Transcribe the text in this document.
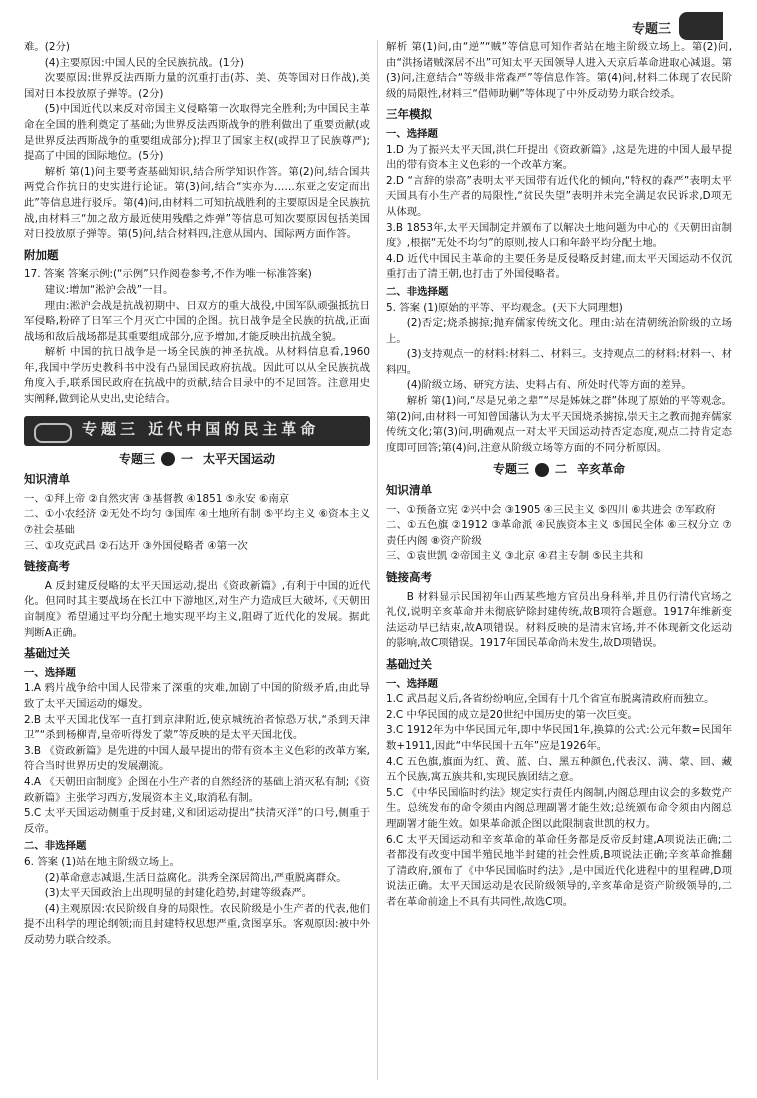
专题三

难。(2分)

(4)主要原因:中国人民的全民族抗战。(1分)

次要原因:世界反法西斯力量的沉重打击(苏、美、英等国对日作战),美国对日本投放原子弹等。(2分)

(5)中国近代以来反对帝国主义侵略第一次取得完全胜利;为中国民主革命在全国的胜利奠定了基础;为世界反法西斯战争的胜利做出了重要贡献(或是世界反法西斯战争的重要组成部分);捍卫了国家主权(或捍卫了民族尊严);提高了中国的国际地位。(5分)

解析 第(1)问主要考查基础知识,结合所学知识作答。第(2)问,结合国共两党合作抗日的史实进行论证。第(3)问,结合“实亦为……东亚之安定而出此”等信息进行驳斥。第(4)问,由材料二可知抗战胜利的主要原因是全民族抗战,由材料三“加之敌方最近使用残酷之炸弹”等信息可知次要原因包括美国对日投放原子弹等。第(5)问,结合材料四,注意从国内、国际两方面作答。

附加题

17. 答案 答案示例:(“示例”只作阅卷参考,不作为唯一标准答案)

建议:增加“淞沪会战”一目。

理由:淞沪会战是抗战初期中、日双方的重大战役,中国军队顽强抵抗日军侵略,粉碎了日军三个月灭亡中国的企图。抗日战争是全民族的抗战,正面战场和敌后战场都是其重要组成部分,应予增加,才能反映出抗战全貌。

解析 中国的抗日战争是一场全民族的神圣抗战。从材料信息看,1960年,我国中学历史教科书中没有凸显国民政府抗战。因此可以从全民族抗战角度入手,联系国民政府在抗战中的贡献,结合目录中的不足回答。注意用史实阐释,做到论从史出,史论结合。

专题三 近代中国的民主革命
专题三 一 太平天国运动

知识清单

一、①拜上帝 ②自然灾害 ③基督教 ④1851 ⑤永安 ⑥南京

二、①小农经济 ②无处不均匀 ③国库 ④土地所有制 ⑤平均主义 ⑥资本主义 ⑦社会基础

三、①攻克武昌 ②石达开 ③外国侵略者 ④第一次

链接高考

A 反封建反侵略的太平天国运动,提出《资政新篇》,有利于中国的近代化。但同时其主要战场在长江中下游地区,对生产力造成巨大破坏,《天朝田亩制度》希望通过平均分配土地实现平均主义,阻碍了近代化的发展。据此判断A正确。

基础过关

一、选择题

1.A 鸦片战争给中国人民带来了深重的灾难,加剧了中国的阶级矛盾,由此导致了太平天国运动的爆发。

2.B 太平天国北伐军一直打到京津附近,使京城统治者惊恐万状,“杀到天津卫”“杀到杨柳青,皇帝听得发了蒙”等反映的是太平天国北伐。

3.B 《资政新篇》是先进的中国人最早提出的带有资本主义色彩的改革方案,符合当时世界历史的发展潮流。

4.A 《天朝田亩制度》企图在小生产者的自然经济的基础上消灭私有制;《资政新篇》主张学习西方,发展资本主义,取消私有制。

5.C 太平天国运动侧重于反封建,义和团运动提出“扶清灭洋”的口号,侧重于反帝。

二、非选择题

6. 答案 (1)站在地主阶级立场上。

(2)革命意志减退,生活日益腐化。洪秀全深居简出,严重脱离群众。

(3)太平天国政治上出现明显的封建化趋势,封建等级森严。

(4)主观原因:农民阶级自身的局限性。农民阶级是小生产者的代表,他们提不出科学的理论纲领;而且封建特权思想严重,贪图享乐。客观原因:被中外反动势力联合绞杀。

解析 第(1)问,由“逆”“贼”等信息可知作者站在地主阶级立场上。第(2)问,由“洪扬诸贼深居不出”可知太平天国领导人进入天京后革命进取心减退。第(3)问,注意结合“等级非常森严”等信息作答。第(4)问,材料二体现了农民阶级的局限性,材料三“借师助剿”等体现了中外反动势力联合绞杀。

三年模拟

一、选择题

1.D 为了振兴太平天国,洪仁玕提出《资政新篇》,这是先进的中国人最早提出的带有资本主义色彩的一个改革方案。

2.D “言辞的崇高”表明太平天国带有近代化的倾向,“特权的森严”表明太平天国具有小生产者的局限性,“贫民失望”表明并未完全满足农民诉求,D项无从体现。

3.B 1853年,太平天国制定并颁布了以解决土地问题为中心的《天朝田亩制度》,根据“无处不均匀”的原则,按人口和年龄平均分配土地。

4.D 近代中国民主革命的主要任务是反侵略反封建,而太平天国运动不仅沉重打击了清王朝,也打击了外国侵略者。

二、非选择题

5. 答案 (1)原始的平等、平均观念。(天下大同理想)

(2)否定;烧杀掳掠;抛弃儒家传统文化。理由:站在清朝统治阶级的立场上。

(3)支持观点一的材料:材料二、材料三。支持观点二的材料:材料一、材料四。

(4)阶级立场、研究方法、史料占有、所处时代等方面的差异。

解析 第(1)问,“尽是兄弟之辈”“尽是姊妹之群”体现了原始的平等观念。第(2)问,由材料一可知曾国藩认为太平天国烧杀掳掠,崇天主之教而抛弃儒家传统文化;第(3)问,明确观点一对太平天国运动持否定态度,观点二持肯定态度即可回答;第(4)问,注意从阶级立场等方面的不同分析原因。

专题三 二 辛亥革命

知识清单

一、①预备立宪 ②兴中会 ③1905 ④三民主义 ⑤四川 ⑥共进会 ⑦军政府

二、①五色旗 ②1912 ③革命派 ④民族资本主义 ⑤国民全体 ⑥三权分立 ⑦责任内阁 ⑧资产阶级

三、①袁世凯 ②帝国主义 ③北京 ④君主专制 ⑤民主共和

链接高考

B 材料显示民国初年山西某些地方官员出身科举,并且仍行清代官场之礼仪,说明辛亥革命并未彻底铲除封建传统,故B项符合题意。1917年维新变法运动早已结束,故A项错误。材料反映的是清末官场,并不体现新文化运动的影响,故C项错误。1917年国民革命尚未发生,故D项错误。

基础过关

一、选择题

1.C 武昌起义后,各省纷纷响应,全国有十几个省宣布脱离清政府而独立。

2.C 中华民国的成立是20世纪中国历史的第一次巨变。

3.C 1912年为中华民国元年,即中华民国1年,换算的公式:公元年数=民国年数+1911,因此“中华民国十五年”应是1926年。

4.C 五色旗,旗面为红、黄、蓝、白、黑五种颜色,代表汉、满、蒙、回、藏五个民族,寓五族共和,实现民族团结之意。

5.C 《中华民国临时约法》规定实行责任内阁制,内阁总理由议会的多数党产生。总统发布的命令须由内阁总理副署才能生效;总统颁布命令须由内阁总理副署才能生效。如果革命派企图以此限制袁世凯的权力。

6.C 太平天国运动和辛亥革命的革命任务都是反帝反封建,A项说法正确;二者都没有改变中国半殖民地半封建的社会性质,B项说法正确;辛亥革命推翻了清政府,颁布了《中华民国临时约法》,是中国近代化进程中的里程碑,D项说法正确。太平天国运动是农民阶级领导的,辛亥革命是资产阶级领导的,二者在革命前途上不具有共同性,故选C项。
